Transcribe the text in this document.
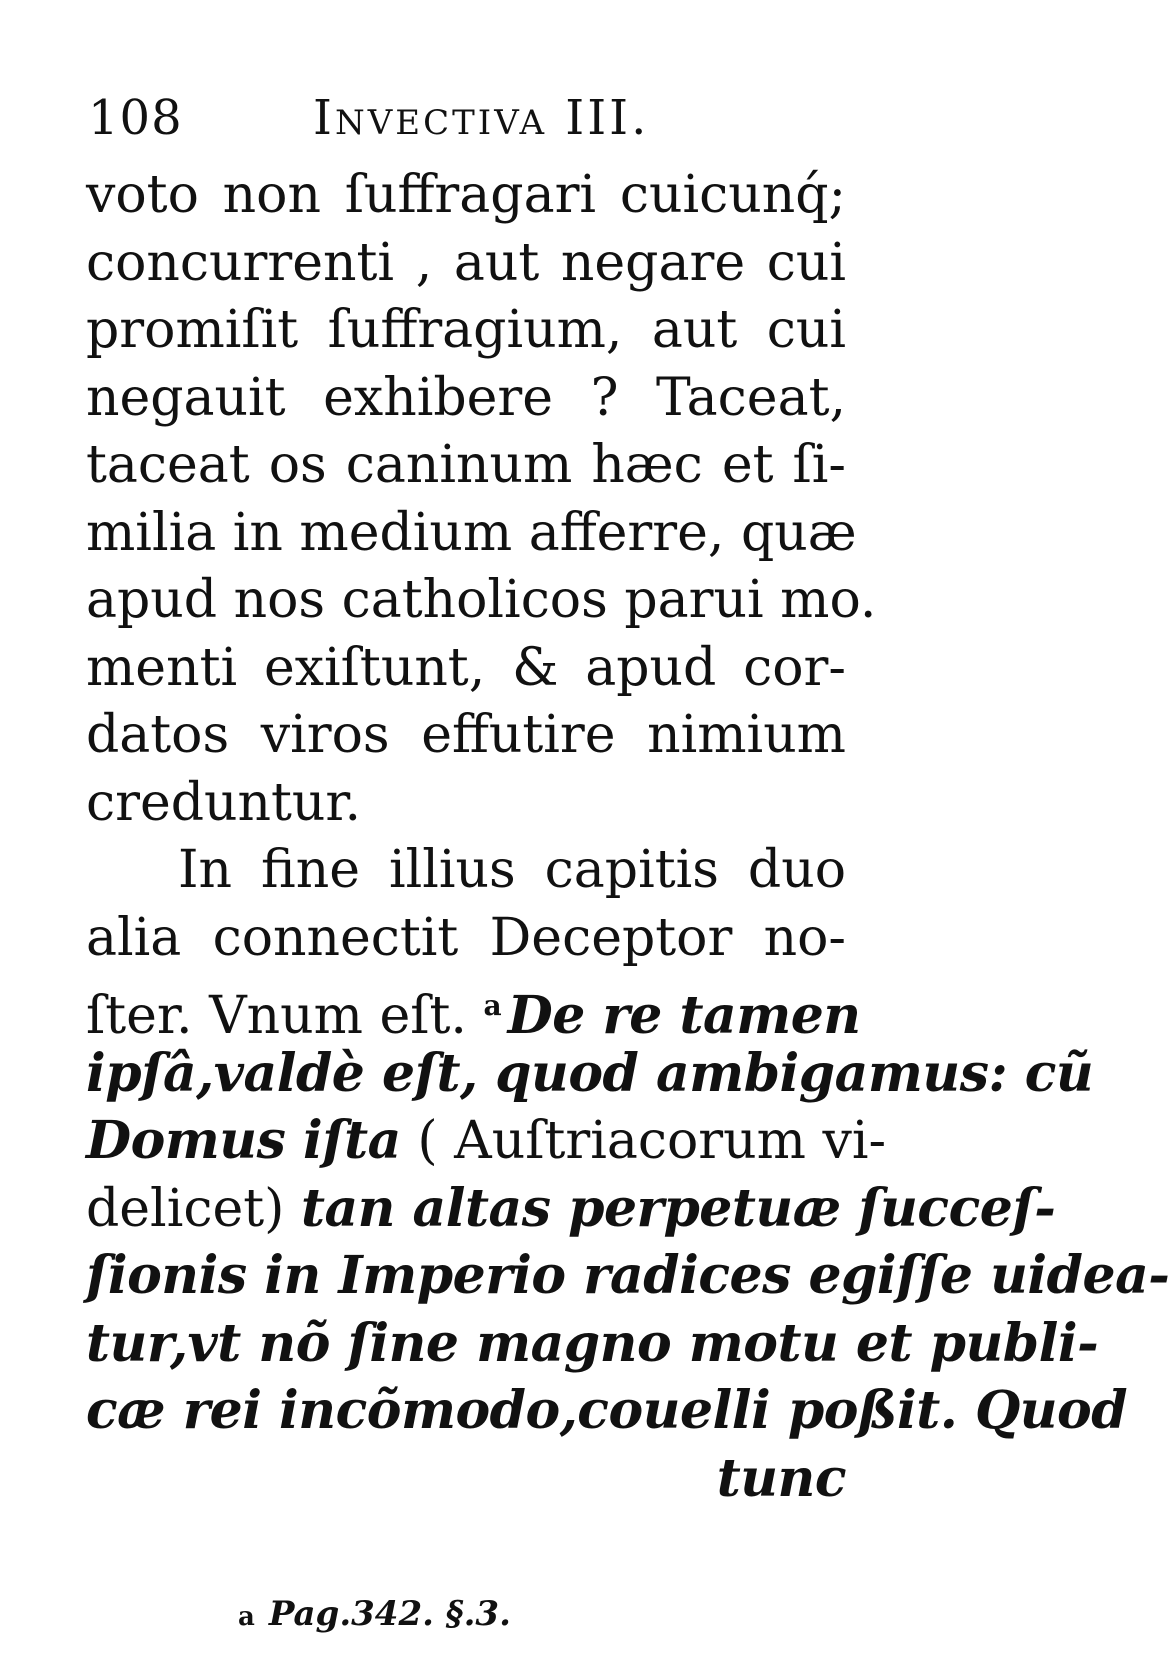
108	Invectiva III.
voto non ſuffragari cuicunq́;
concurrenti , aut negare cui
promiſit ſuffragium, aut cui
negauit exhibere ? Taceat,
taceat os caninum hæc et ſi-
milia in medium afferre, quæ
apud nos catholicos parui mo.
menti exiſtunt, & apud cor-
datos viros effutire nimium
creduntur.
In fine illius capitis duo
alia connectit Deceptor no-
ſter. Vnum eſt. $^a$ De re tamen
ipſâ,valdè eſt, quod ambigamus: cũ
Domus iſta ( Auſtriacorum vi-
delicet) tan altas perpetuæ ſucceſ-
ſionis in Imperio radices egiſſe uidea-
tur,vt nõ ſine magno motu et publi-
cæ rei incõmodo,couelli poßit. Quod
tunc
a Pag.342. §.3.
